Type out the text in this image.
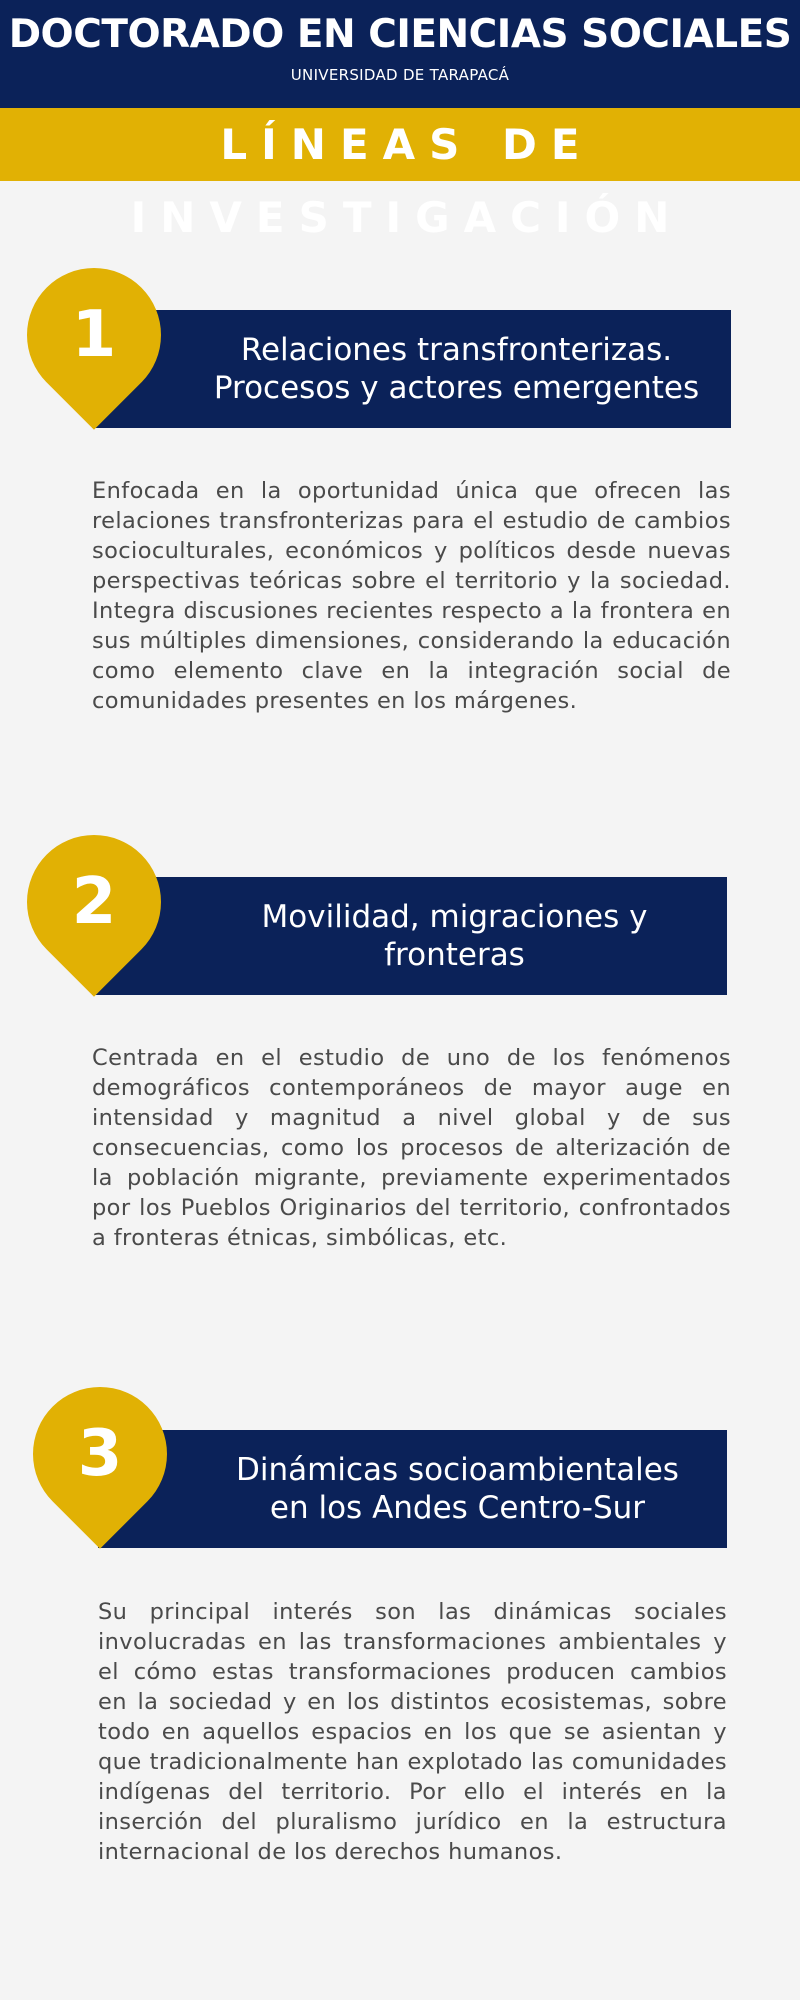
DOCTORADO EN CIENCIAS SOCIALES
UNIVERSIDAD DE TARAPACÁ
LÍNEAS DE INVESTIGACIÓN
Relaciones transfronterizas.
Procesos y actores emergentes
1
Enfocada en la oportunidad única que ofrecen las relaciones transfronterizas para el estudio de cambios socioculturales, económicos y políticos desde nuevas perspectivas teóricas sobre el territorio y la sociedad. Integra discusiones recientes respecto a la frontera en sus múltiples dimensiones, considerando la educación como elemento clave en la integración social de comunidades presentes en los márgenes.
Movilidad, migraciones y
fronteras
2
Centrada en el estudio de uno de los fenómenos demográficos contemporáneos de mayor auge en intensidad y magnitud a nivel global y de sus consecuencias, como los procesos de alterización de la población migrante, previamente experimentados por los Pueblos Originarios del territorio, confrontados a fronteras étnicas, simbólicas, etc.
Dinámicas socioambientales
en los Andes Centro-Sur
3
Su principal interés son las dinámicas sociales involucradas en las transformaciones ambientales y el cómo estas transformaciones producen cambios en la sociedad y en los distintos ecosistemas, sobre todo en aquellos espacios en los que se asientan y que tradicionalmente han explotado las comunidades indígenas del territorio. Por ello el interés en la inserción del pluralismo jurídico en la estructura internacional de los derechos humanos.
